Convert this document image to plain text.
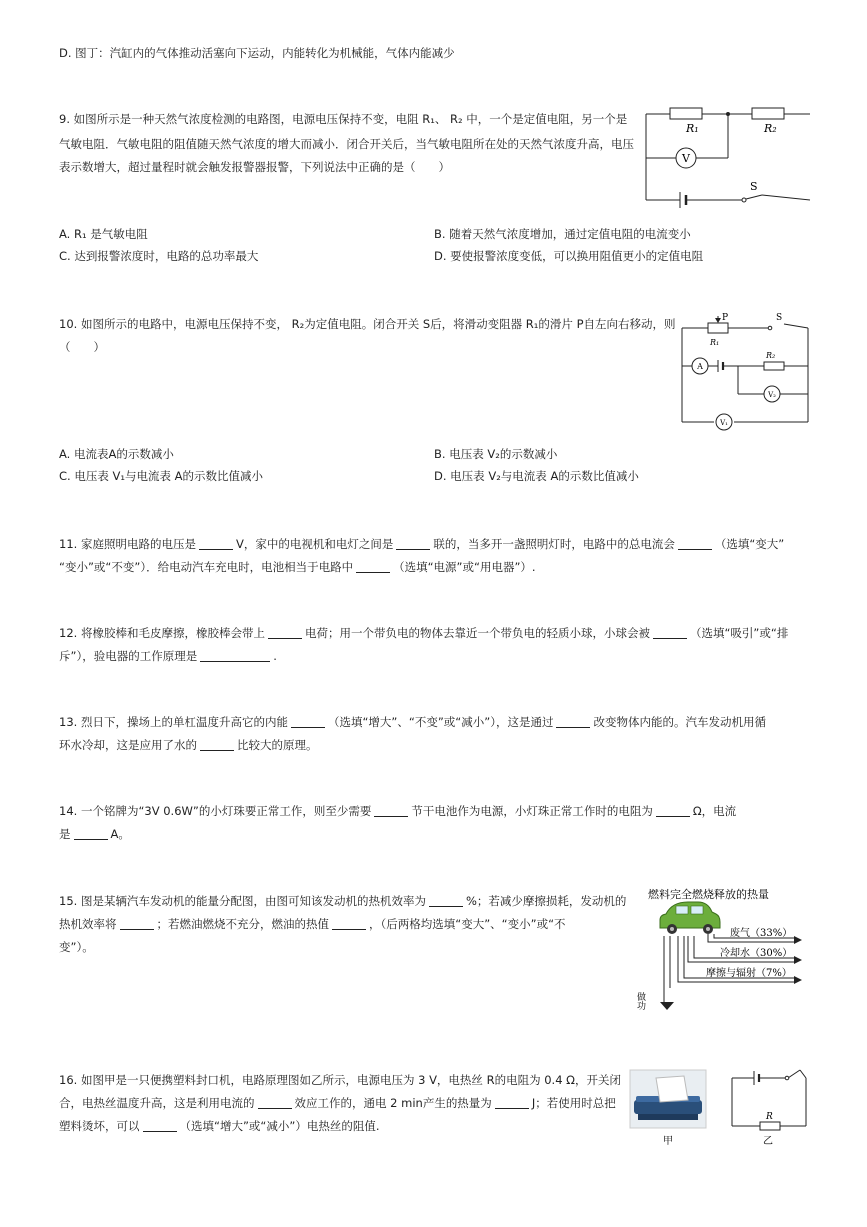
D. 图丁：汽缸内的气体推动活塞向下运动，内能转化为机械能，气体内能减少
9. 如图所示是一种天然气浓度检测的电路图，电源电压保持不变，电阻 R₁、 R₂ 中，一个是定值电阻，另一个是
气敏电阻．气敏电阻的阻值随天然气浓度的增大而减小．闭合开关后，当气敏电阻所在处的天然气浓度升高，电压
表示数增大，超过量程时就会触发报警器报警，下列说法中正确的是（　　）
A. R₁ 是气敏电阻	B. 随着天然气浓度增加，通过定值电阻的电流变小
C. 达到报警浓度时，电路的总功率最大	D. 要使报警浓度变低，可以换用阻值更小的定值电阻
V
R₁	R₂
S
10. 如图所示的电路中，电源电压保持不变， R₂为定值电阻。闭合开关 S后，将滑动变阻器 R₁的滑片 P自左向右移动，则
（　　）
A. 电流表A的示数减小	B. 电压表 V₂的示数减小
C. 电压表 V₁与电流表 A的示数比值减小	D. 电压表 V₂与电流表 A的示数比值减小
P
R₁
S
A
R₂
V₂
V₁
11. 家庭照明电路的电压是	V，家中的电视机和电灯之间是	联的，当多开一盏照明灯时，电路中的总电流会	（选填“变大”
“变小”或“不变”）．给电动汽车充电时，电池相当于电路中	（选填“电源”或“用电器”）.
12. 将橡胶棒和毛皮摩擦，橡胶棒会带上	电荷；用一个带负电的物体去靠近一个带负电的轻质小球，小球会被	（选填“吸引”或“排
斥”），验电器的工作原理是	.
13. 烈日下，操场上的单杠温度升高它的内能	（选填“增大”、“不变”或“减小”），这是通过	改变物体内能的。汽车发动机用循
环水冷却，这是应用了水的	比较大的原理。
14. 一个铭牌为“3V 0.6W”的小灯珠要正常工作，则至少需要	节干电池作为电源，小灯珠正常工作时的电阻为	Ω，电流
是	A。
15. 图是某辆汽车发动机的能量分配图，由图可知该发动机的热机效率为	%；若减少摩擦损耗，发动机的
热机效率将	；若燃油燃烧不充分，燃油的热值	，（后两格均选填“变大”、“变小”或“不
变”）。
燃料完全燃烧释放的热量
废气（33%）
冷却水（30%）
摩擦与辐射（7%）
做功
16. 如图甲是一只便携塑料封口机，电路原理图如乙所示，电源电压为 3 V，电热丝 R的电阻为 0.4 Ω，开关闭
合，电热丝温度升高，这是利用电流的	效应工作的，通电 2 min产生的热量为	J；若使用时总把
塑料烫坏，可以	（选填“增大”或“减小”）电热丝的阻值.
甲
R
乙
